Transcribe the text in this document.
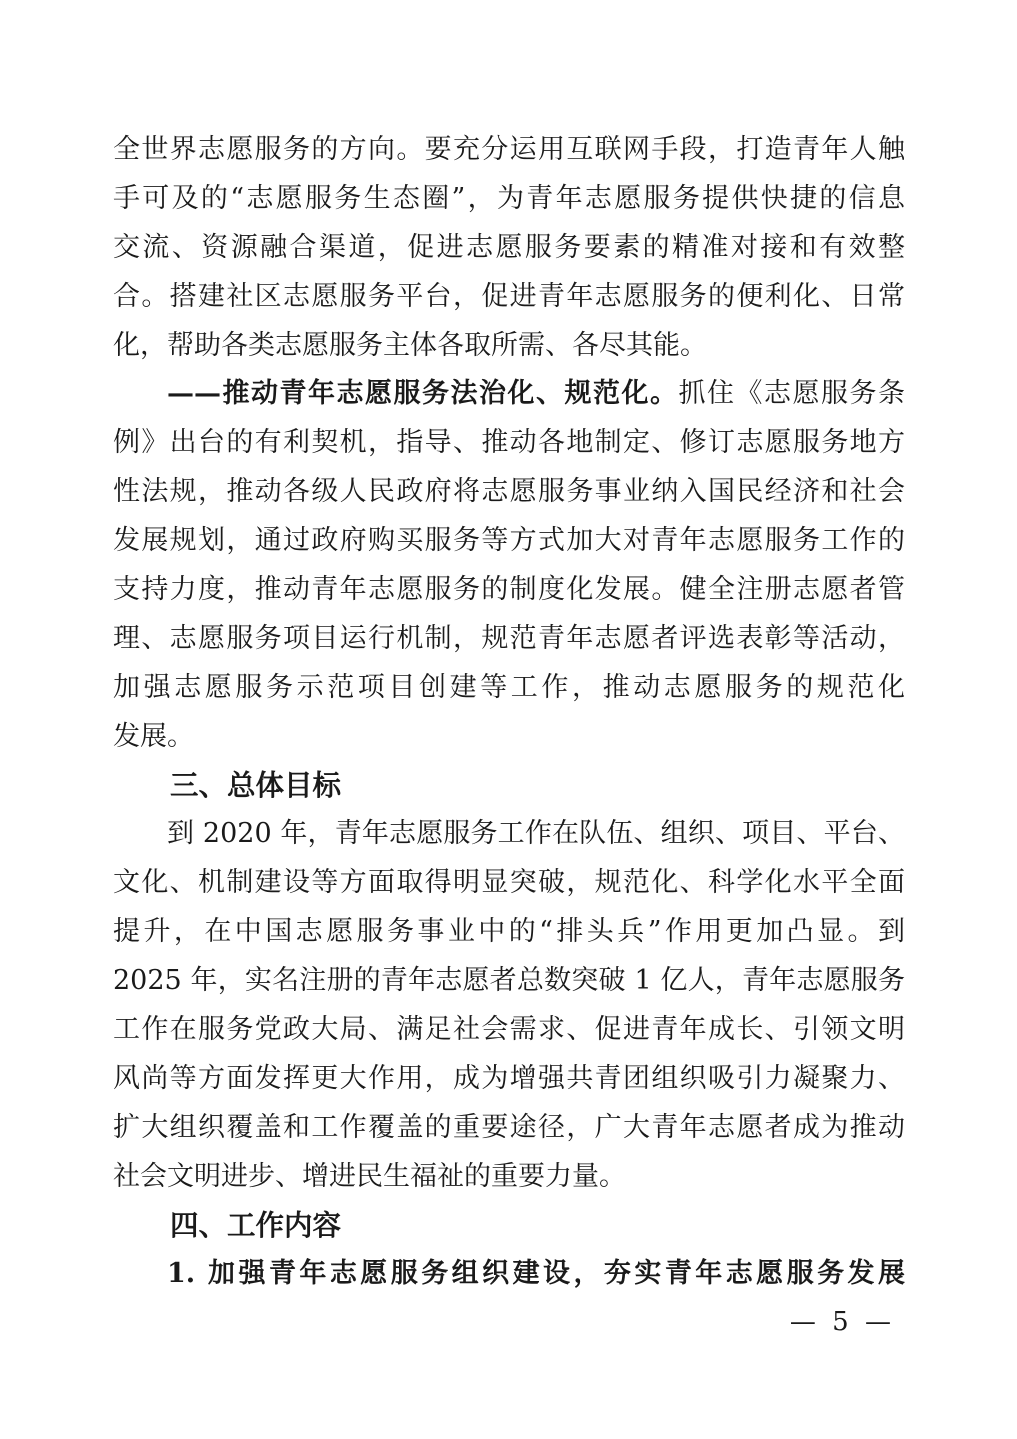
全世界志愿服务的方向。要充分运用互联网手段，打造青年人触
手可及的“志愿服务生态圈”，为青年志愿服务提供快捷的信息
交流、资源融合渠道，促进志愿服务要素的精准对接和有效整
合。搭建社区志愿服务平台，促进青年志愿服务的便利化、日常
化，帮助各类志愿服务主体各取所需、各尽其能。
——推动青年志愿服务法治化、规范化。抓住《志愿服务条
例》出台的有利契机，指导、推动各地制定、修订志愿服务地方
性法规，推动各级人民政府将志愿服务事业纳入国民经济和社会
发展规划，通过政府购买服务等方式加大对青年志愿服务工作的
支持力度，推动青年志愿服务的制度化发展。健全注册志愿者管
理、志愿服务项目运行机制，规范青年志愿者评选表彰等活动，
加强志愿服务示范项目创建等工作，推动志愿服务的规范化
发展。
三、总体目标
到 2020 年，青年志愿服务工作在队伍、组织、项目、平台、
文化、机制建设等方面取得明显突破，规范化、科学化水平全面
提升，在中国志愿服务事业中的“排头兵”作用更加凸显。到
2025 年，实名注册的青年志愿者总数突破 1 亿人，青年志愿服务
工作在服务党政大局、满足社会需求、促进青年成长、引领文明
风尚等方面发挥更大作用，成为增强共青团组织吸引力凝聚力、
扩大组织覆盖和工作覆盖的重要途径，广大青年志愿者成为推动
社会文明进步、增进民生福祉的重要力量。
四、工作内容
1. 加强青年志愿服务组织建设，夯实青年志愿服务发展
— 5 —
